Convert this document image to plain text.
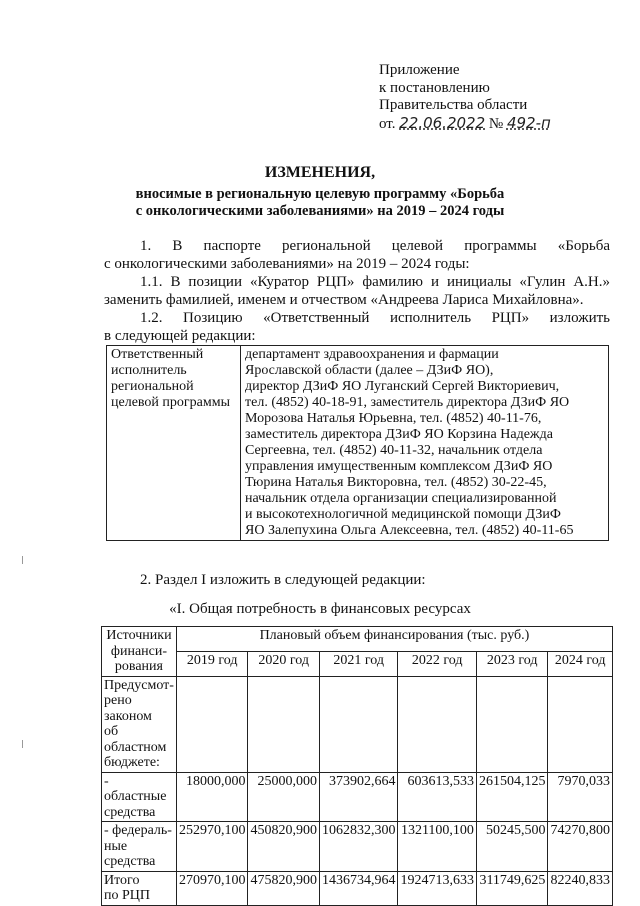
Приложение
к постановлению
Правительства области
от. 22.06.2022 № 492-п
ИЗМЕНЕНИЯ,
вносимые в региональную целевую программу «Борьба
с онкологическими заболеваниями» на 2019 – 2024 годы
1. В паспорте региональной целевой программы «Борьба
с онкологическими заболеваниями» на 2019 – 2024 годы:
1.1. В позиции «Куратор РЦП» фамилию и инициалы «Гулин А.Н.»
заменить фамилией, именем и отчеством «Андреева Лариса Михайловна».
1.2. Позицию «Ответственный исполнитель РЦП» изложить
в следующей редакции:
Ответственный
исполнитель
региональной
целевой программы

департамент здравоохранения и фармации
Ярославской области (далее – ДЗиФ ЯО),
директор ДЗиФ ЯО Луганский Сергей Викториевич,
тел. (4852) 40-18-91, заместитель директора ДЗиФ ЯО
Морозова Наталья Юрьевна, тел. (4852) 40-11-76,
заместитель директора ДЗиФ ЯО Корзина Надежда
Сергеевна, тел. (4852) 40-11-32, начальник отдела
управления имущественным комплексом ДЗиФ ЯО
Тюрина Наталья Викторовна, тел. (4852) 30-22-45,
начальник отдела организации специализированной
и высокотехнологичной медицинской помощи ДЗиФ
ЯО Залепухина Ольга Алексеевна, тел. (4852) 40-11-65
2. Раздел I изложить в следующей редакции:
«I. Общая потребность в финансовых ресурсах
Источники
финанси-
рования	Плановый объем финансирования (тыс. руб.)					
	2019 год	2020 год	2021 год	2022 год	2023 год	2024 год

Предусмот-
рено законом
об областном
бюджете:						

- областные
средства	18000,000	25000,000	373902,664	603613,533	261504,125	7970,033

- федераль-
ные средства	252970,100	450820,900	1062832,300	1321100,100	50245,500	74270,800

Итого
по РЦП	270970,100	475820,900	1436734,964	1924713,633	311749,625	82240,833
